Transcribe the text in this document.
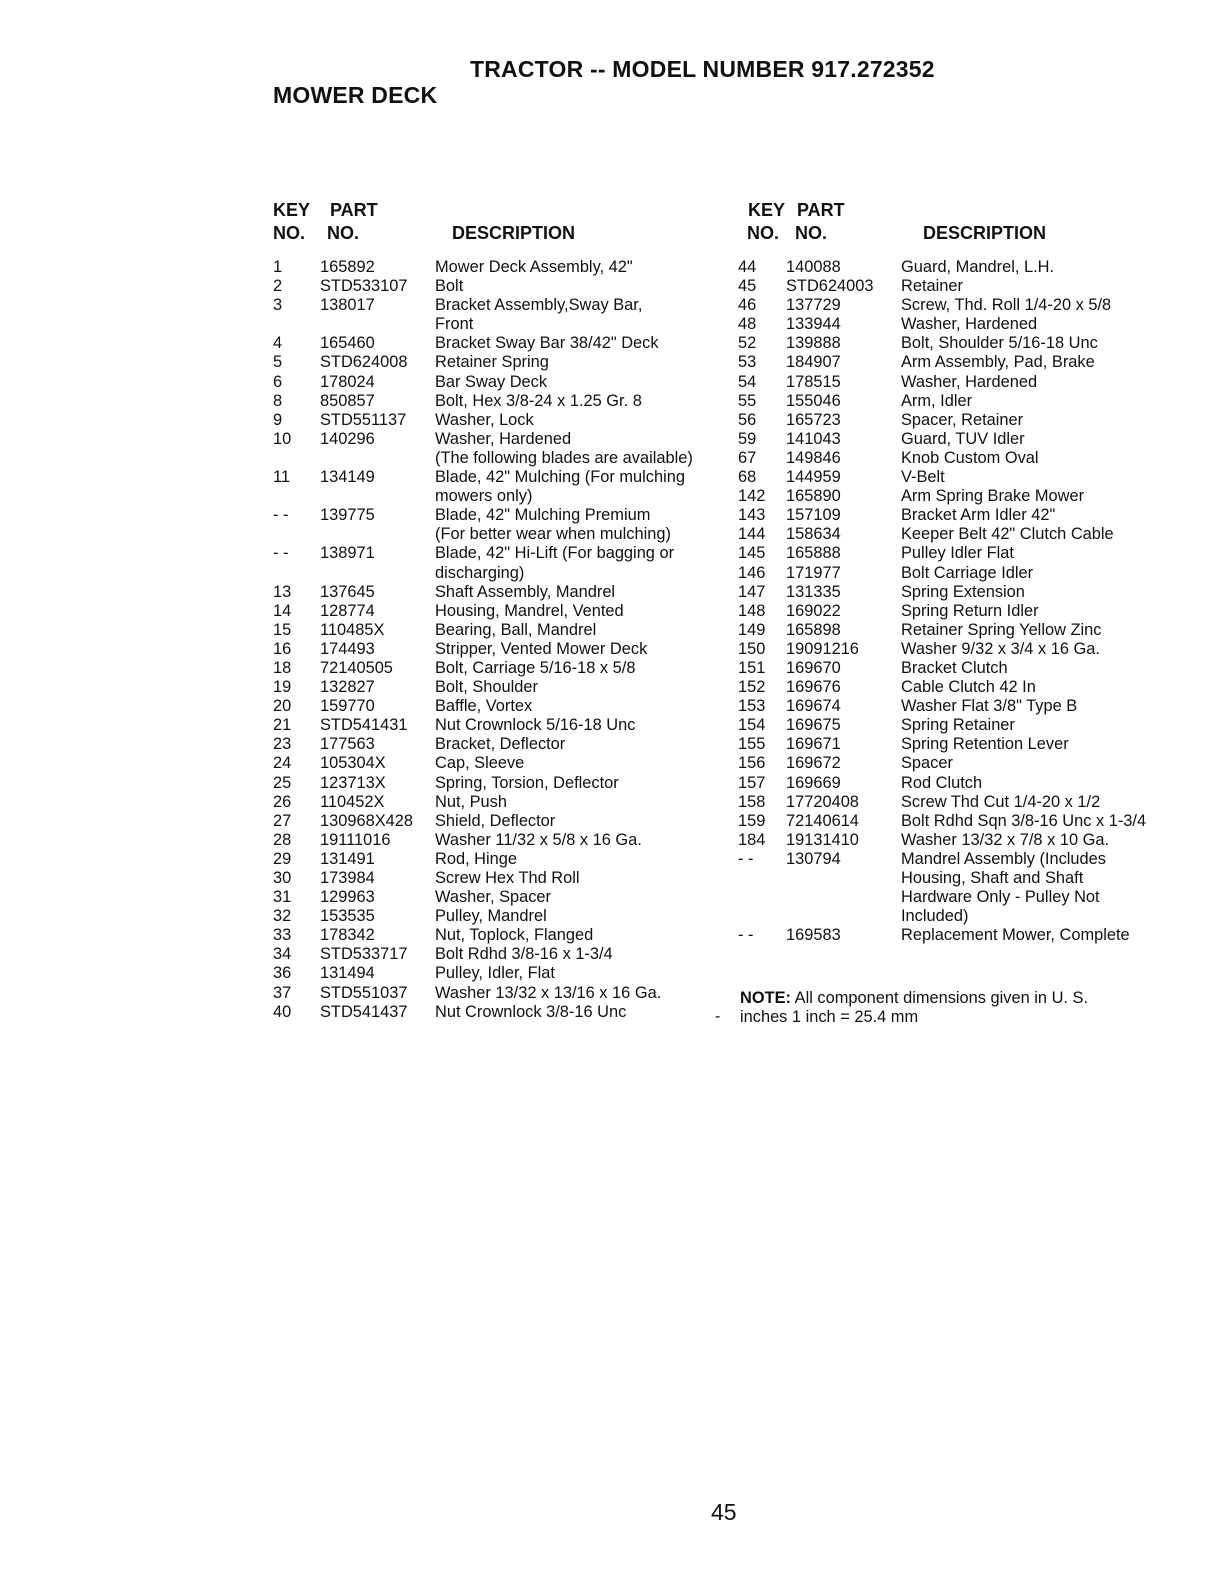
TRACTOR -- MODEL NUMBER 917.272352
MOWER DECK
KEY
NO.
PART
NO.	DESCRIPTION
1 165892	Mower Deck Assembly, 42"
2 STD533107 Bolt
3 138017	Bracket Assembly,Sway Bar,
Front
4 165460	Bracket Sway Bar 38/42" Deck
5 STD624008 Retainer Spring
6 178024	Bar Sway Deck
8 850857	Bolt, Hex 3/8-24 x 1.25 Gr. 8
9 STD551137 Washer, Lock
10 140296	Washer, Hardened
(The following blades are available)
11 134149	Blade, 42" Mulching (For mulching
mowers only)
- - 139775	Blade, 42" Mulching Premium
(For better wear when mulching)
- - 138971	Blade, 42" Hi-Lift (For bagging or
discharging)
13 137645	Shaft Assembly, Mandrel
14 128774	Housing, Mandrel, Vented
15 110485X	Bearing, Ball, Mandrel
16 174493	Stripper, Vented Mower Deck
18 72140505	Bolt, Carriage 5/16-18 x 5/8
19 132827	Bolt, Shoulder
20 159770	Baffle, Vortex
21 STD541431 Nut Crownlock 5/16-18 Unc
23 177563	Bracket, Deflector
24 105304X	Cap, Sleeve
25 123713X	Spring, Torsion, Deflector
26 110452X	Nut, Push
27 130968X428 Shield, Deflector
28 19111016	Washer 11/32 x 5/8 x 16 Ga.
29 131491	Rod, Hinge
30 173984	Screw Hex Thd Roll
31 129963	Washer, Spacer
32 153535	Pulley, Mandrel
33 178342	Nut, Toplock, Flanged
34 STD533717 Bolt Rdhd 3/8-16 x 1-3/4
36 131494	Pulley, Idler, Flat
37 STD551037 Washer 13/32 x 13/16 x 16 Ga.
40 STD541437 Nut Crownlock 3/8-16 Unc
KEY
NO.
PART
NO.	DESCRIPTION
44 140088	Guard, Mandrel, L.H.
45 STD624003 Retainer
46 137729	Screw, Thd. Roll 1/4-20 x 5/8
48 133944	Washer, Hardened
52 139888	Bolt, Shoulder 5/16-18 Unc
53 184907	Arm Assembly, Pad, Brake
54 178515	Washer, Hardened
55 155046	Arm, Idler
56 165723	Spacer, Retainer
59 141043	Guard, TUV Idler
67 149846	Knob Custom Oval
68 144959	V-Belt
142 165890	Arm Spring Brake Mower
143 157109	Bracket Arm Idler 42"
144 158634	Keeper Belt 42" Clutch Cable
145 165888	Pulley Idler Flat
146 171977	Bolt Carriage Idler
147 131335	Spring Extension
148 169022	Spring Return Idler
149 165898	Retainer Spring Yellow Zinc
150 19091216	Washer 9/32 x 3/4 x 16 Ga.
151 169670	Bracket Clutch
152 169676	Cable Clutch 42 In
153 169674	Washer Flat 3/8" Type B
154 169675	Spring Retainer
155 169671	Spring Retention Lever
156 169672	Spacer
157 169669	Rod Clutch
158 17720408	Screw Thd Cut 1/4-20 x 1/2
159 72140614	Bolt Rdhd Sqn 3/8-16 Unc x 1-3/4
184 19131410	Washer 13/32 x 7/8 x 10 Ga.
- - 130794	Mandrel Assembly (Includes
Housing, Shaft and Shaft
Hardware Only - Pulley Not
Included)
- - 169583	Replacement Mower, Complete
-
NOTE: All component dimensions given in U. S.
inches 1 inch = 25.4 mm
45
